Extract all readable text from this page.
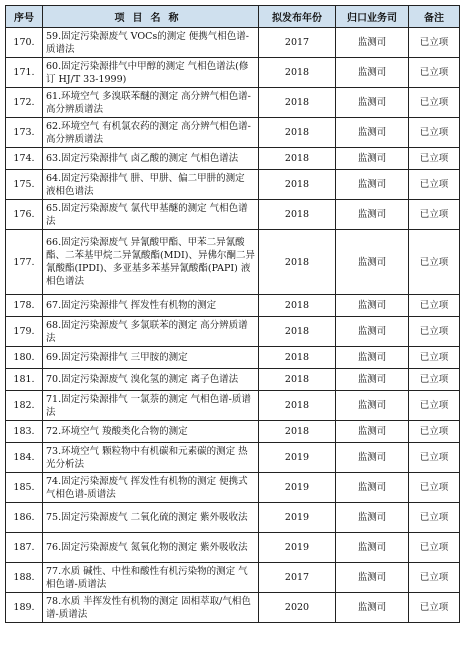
序号	项目名称	拟发布年份	归口业务司	备注
170.	59.固定污染源废气 VOCs的测定 便携气相色谱-质谱法	2017	监测司	已立项
171.	60.固定污染源排气中甲醇的测定 气相色谱法(修订 HJ/T 33-1999)	2018	监测司	已立项
172.	61.环境空气 多溴联苯醚的测定 高分辨气相色谱-高分辨质谱法	2018	监测司	已立项
173.	62.环境空气 有机氯农药的测定 高分辨气相色谱-高分辨质谱法	2018	监测司	已立项
174.	63.固定污染源排气 卤乙酸的测定 气相色谱法	2018	监测司	已立项
175.	64.固定污染源排气 肼、甲肼、偏二甲肼的测定 液相色谱法	2018	监测司	已立项
176.	65.固定污染源废气 氯代甲基醚的测定 气相色谱法	2018	监测司	已立项
177.	66.固定污染源废气 异氰酸甲酯、甲苯二异氰酸酯、二苯基甲烷二异氰酸酯(MDI)、异佛尔酮二异氰酸酯(IPDI)、多亚基多苯基异氰酸酯(PAPI) 液相色谱法	2018	监测司	已立项
178.	67.固定污染源排气 挥发性有机物的测定	2018	监测司	已立项
179.	68.固定污染源废气 多氯联苯的测定 高分辨质谱法	2018	监测司	已立项
180.	69.固定污染源排气 三甲胺的测定	2018	监测司	已立项
181.	70.固定污染源废气 溴化氢的测定 离子色谱法	2018	监测司	已立项
182.	71.固定污染源排气 一氯萘的测定 气相色谱-质谱法	2018	监测司	已立项
183.	72.环境空气 羧酸类化合物的测定	2018	监测司	已立项
184.	73.环境空气 颗粒物中有机碳和元素碳的测定 热光分析法	2019	监测司	已立项
185.	74.固定污染源废气 挥发性有机物的测定 便携式气相色谱-质谱法	2019	监测司	已立项
186.	75.固定污染源废气 二氧化硫的测定 紫外吸收法	2019	监测司	已立项
187.	76.固定污染源废气 氮氧化物的测定 紫外吸收法	2019	监测司	已立项
188.	77.水质 碱性、中性和酸性有机污染物的测定 气相色谱-质谱法	2017	监测司	已立项
189.	78.水质 半挥发性有机物的测定 固相萃取/气相色谱-质谱法	2020	监测司	已立项
